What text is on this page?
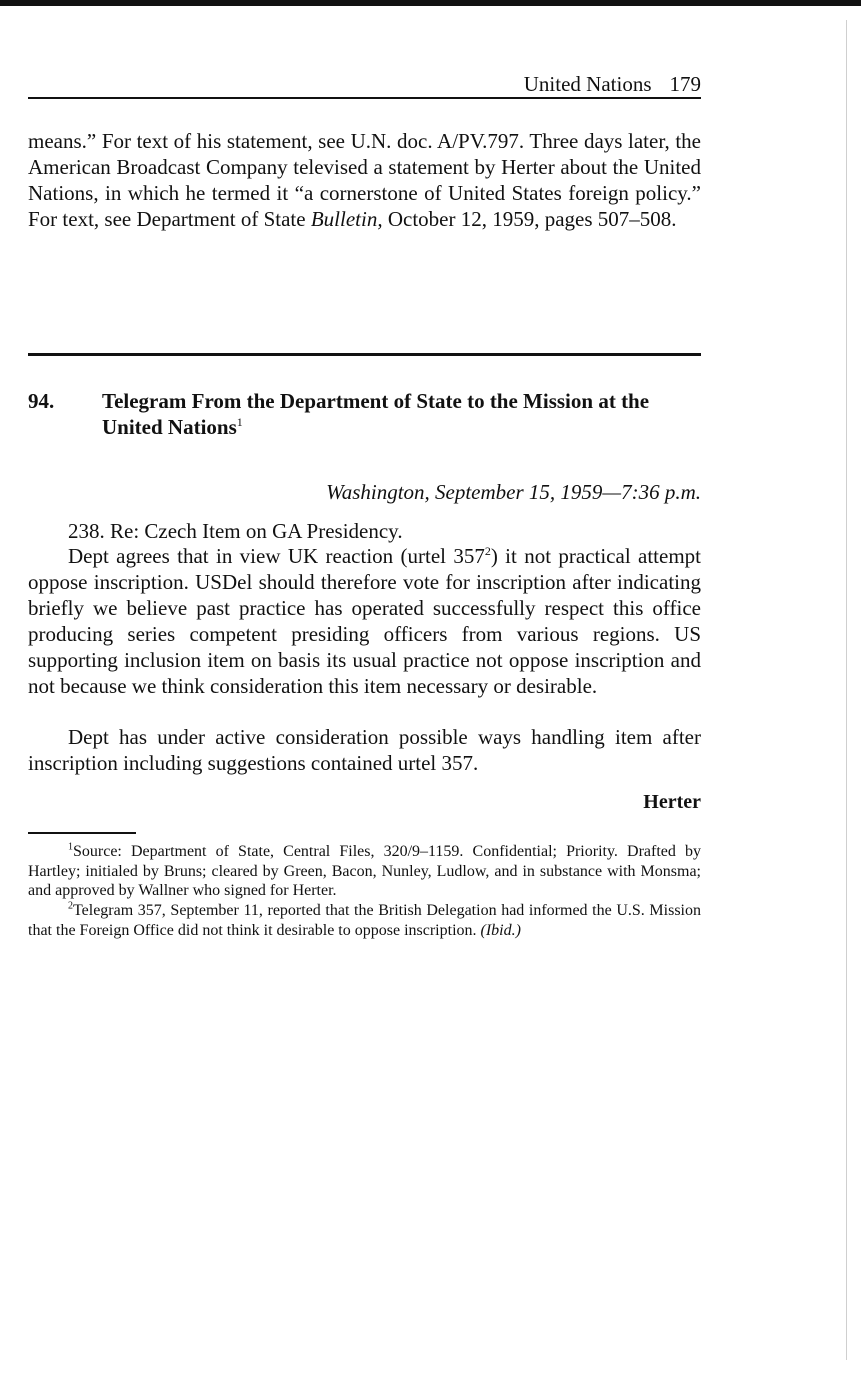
United Nations 179
means.” For text of his statement, see U.N. doc. A/PV.797. Three days later, the American Broadcast Company televised a statement by Herter about the United Nations, in which he termed it “a cornerstone of United States foreign policy.” For text, see Department of State Bulletin, October 12, 1959, pages 507–508.
94. Telegram From the Department of State to the Mission at the United Nations$^1$
Washington, September 15, 1959—7:36 p.m.
238. Re: Czech Item on GA Presidency.
Dept agrees that in view UK reaction (urtel $357^2$) it not practical attempt oppose inscription. USDel should therefore vote for inscription after indicating briefly we believe past practice has operated successfully respect this office producing series competent presiding officers from various regions. US supporting inclusion item on basis its usual practice not oppose inscription and not because we think consideration this item necessary or desirable.
Dept has under active consideration possible ways handling item after inscription including suggestions contained urtel 357.
Herter
$^1$Source: Department of State, Central Files, 320/9–1159. Confidential; Priority. Drafted by Hartley; initialed by Bruns; cleared by Green, Bacon, Nunley, Ludlow, and in substance with Monsma; and approved by Wallner who signed for Herter.
$^2$Telegram 357, September 11, reported that the British Delegation had informed the U.S. Mission that the Foreign Office did not think it desirable to oppose inscription. (Ibid.)
